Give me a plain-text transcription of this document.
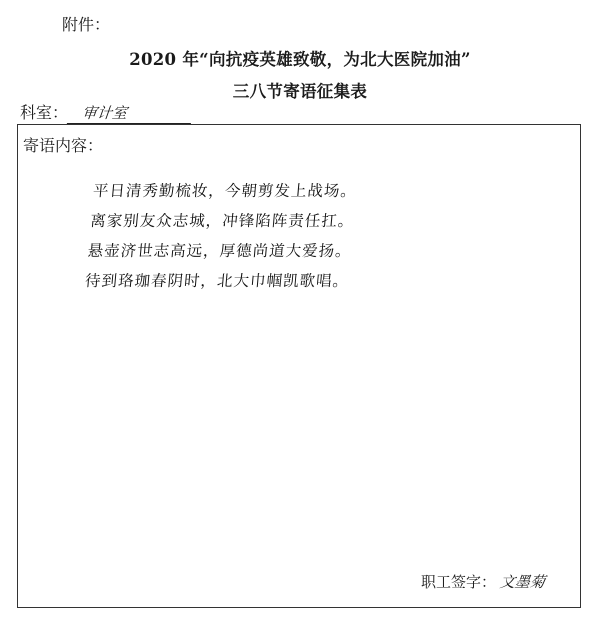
附件：
2020 年“向抗疫英雄致敬，为北大医院加油”
三八节寄语征集表
科室： 审计室
寄语内容：
平日清秀勤梳妆，今朝剪发上战场。
离家别友众志城，冲锋陷阵责任扛。
悬壶济世志高远，厚德尚道大爱扬。
待到珞珈春阴时，北大巾帼凯歌唱。
职工签字： 文墨菊
